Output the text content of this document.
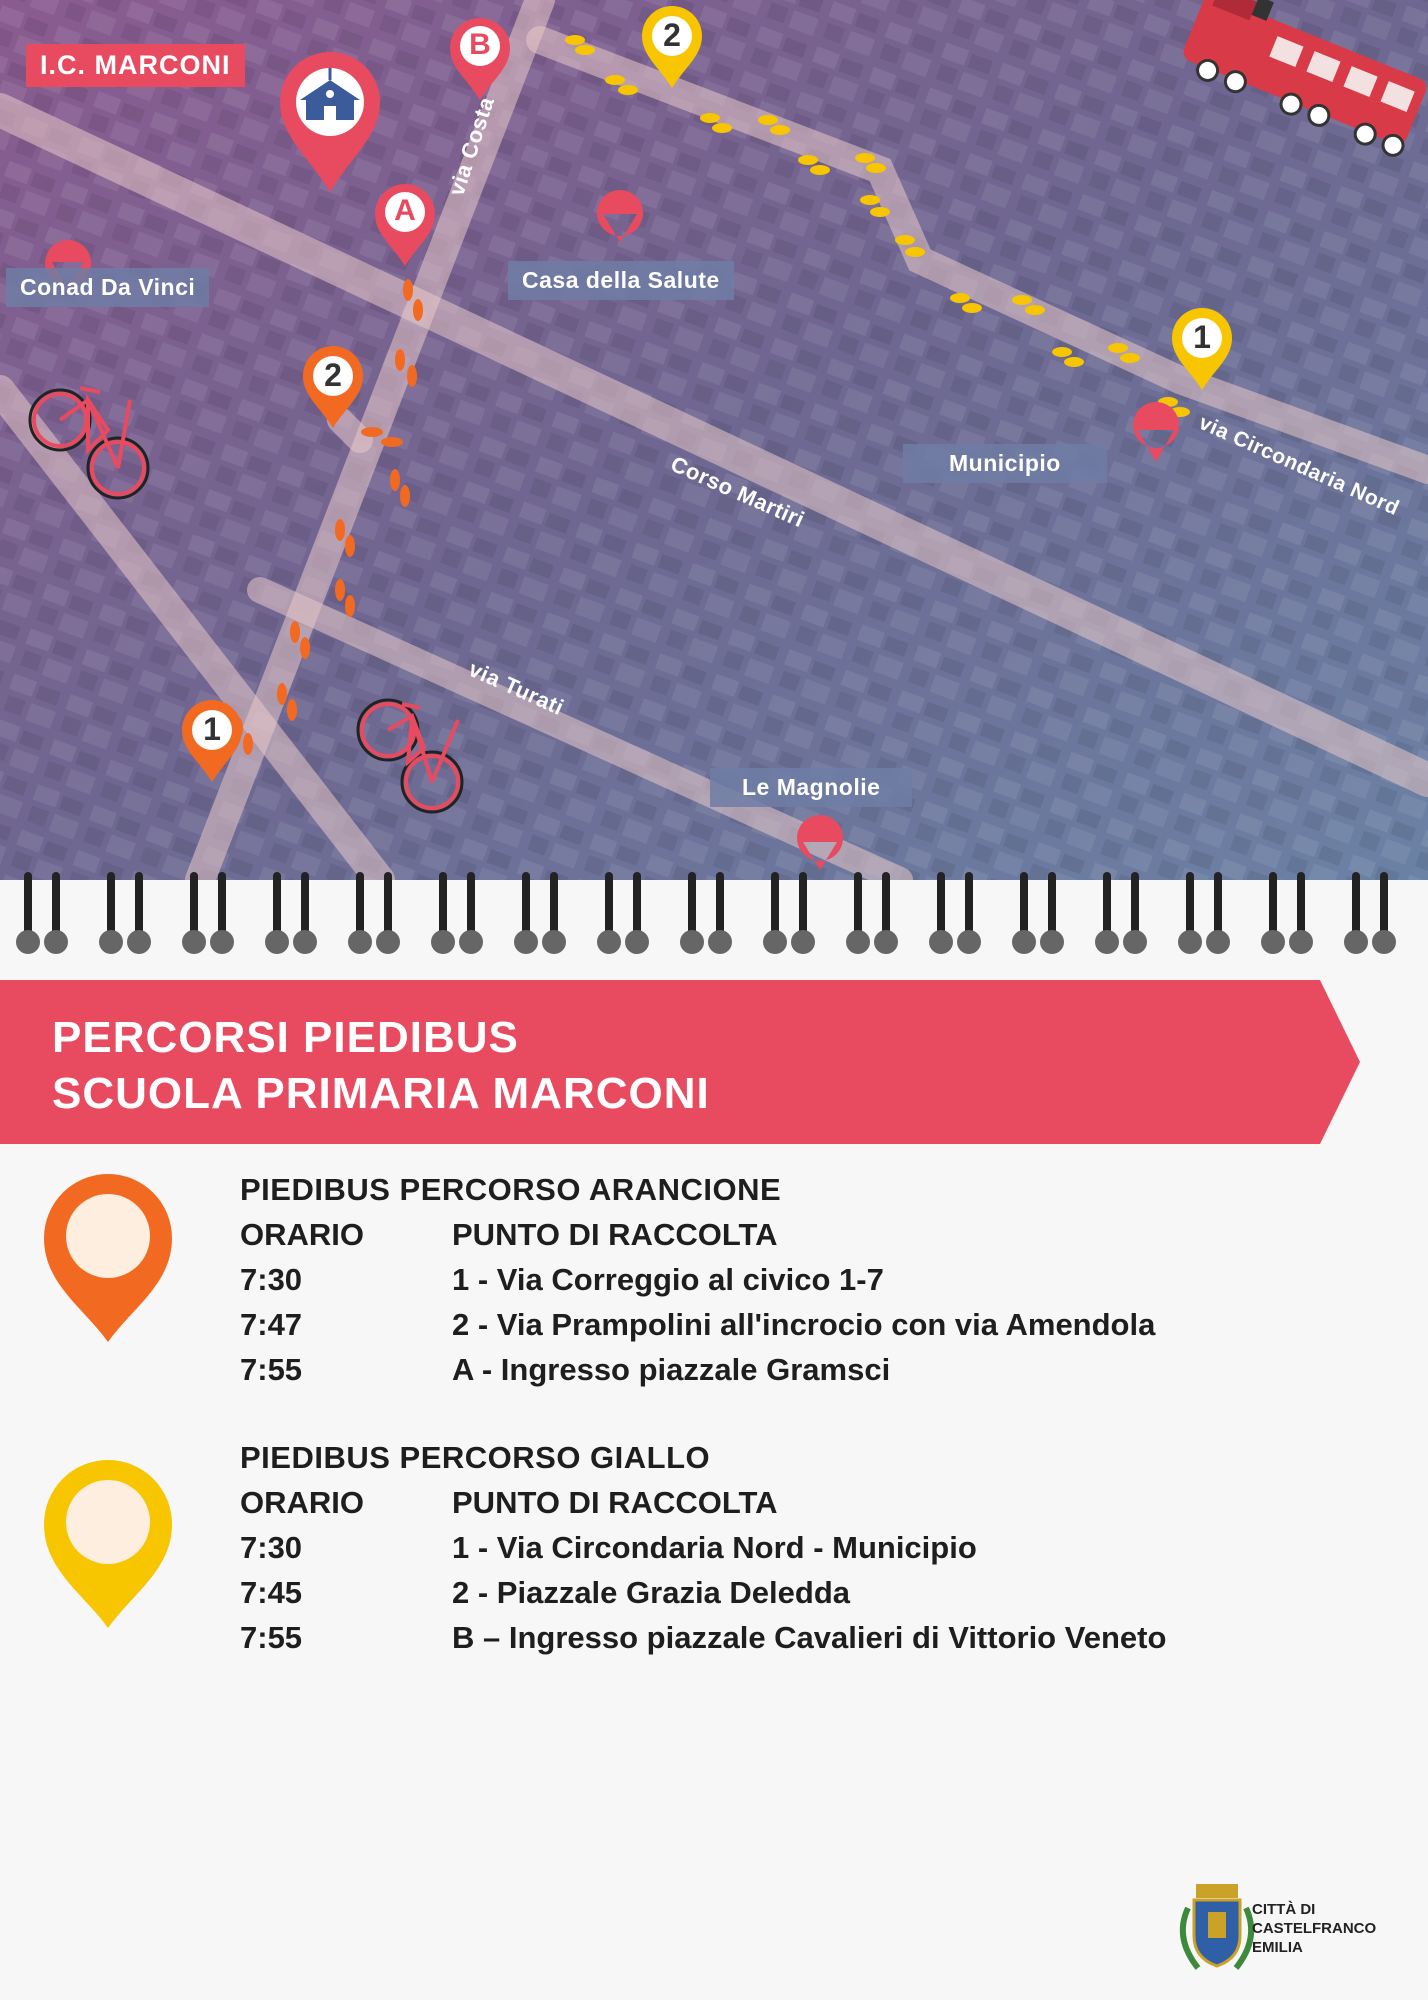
B
A
2
1
2
1
I.C. MARCONI
Conad Da Vinci	Casa della Salute
Municipio
Le Magnolie
via Costa
Corso Martiri
via Turati
via Circondaria Nord
PERCORSI PIEDIBUS
SCUOLA PRIMARIA MARCONI
PIEDIBUS PERCORSO ARANCIONE
ORARIO	PUNTO DI RACCOLTA
7:30	1 - Via Correggio al civico 1-7
7:47	2 - Via Prampolini all'incrocio con via Amendola
7:55	A - Ingresso piazzale Gramsci
PIEDIBUS PERCORSO GIALLO
ORARIO	PUNTO DI RACCOLTA
7:30	1 - Via Circondaria Nord - Municipio
7:45	2 - Piazzale Grazia Deledda
7:55	B – Ingresso piazzale Cavalieri di Vittorio Veneto
CITTÀ DI
CASTELFRANCO
EMILIA
